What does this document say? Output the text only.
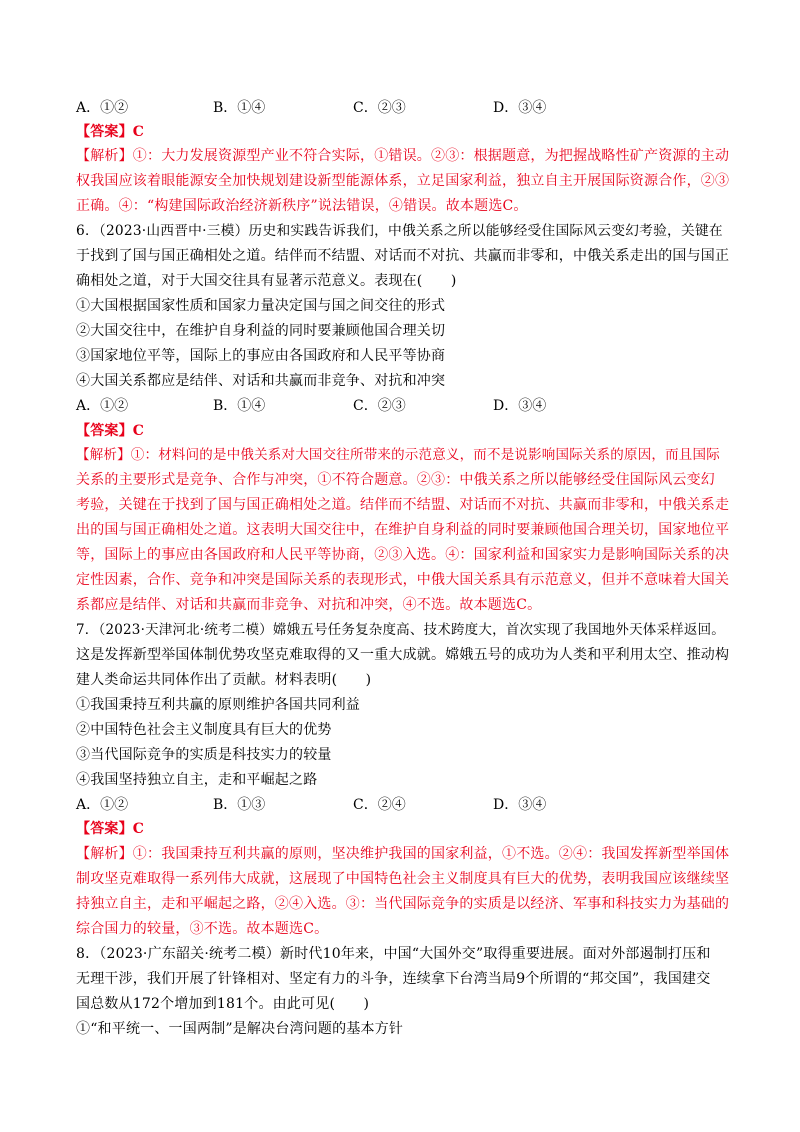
A．①②	B．①④	C．②③	D．③④
【答案】C
【解析】①：大力发展资源型产业不符合实际，①错误。②③：根据题意，为把握战略性矿产资源的主动
权我国应该着眼能源安全加快规划建设新型能源体系，立足国家利益，独立自主开展国际资源合作，②③
正确。④：“构建国际政治经济新秩序”说法错误，④错误。故本题选C。
6．（2023·山西晋中·三模）历史和实践告诉我们，中俄关系之所以能够经受住国际风云变幻考验，关键在
于找到了国与国正确相处之道。结伴而不结盟、对话而不对抗、共赢而非零和，中俄关系走出的国与国正
确相处之道，对于大国交往具有显著示范意义。表现在(　　)
①大国根据国家性质和国家力量决定国与国之间交往的形式
②大国交往中，在维护自身利益的同时要兼顾他国合理关切
③国家地位平等，国际上的事应由各国政府和人民平等协商
④大国关系都应是结伴、对话和共赢而非竞争、对抗和冲突
A．①②	B．①④	C．②③	D．③④
【答案】C
【解析】①：材料问的是中俄关系对大国交往所带来的示范意义，而不是说影响国际关系的原因，而且国际
关系的主要形式是竞争、合作与冲突，①不符合题意。②③：中俄关系之所以能够经受住国际风云变幻
考验，关键在于找到了国与国正确相处之道。结伴而不结盟、对话而不对抗、共赢而非零和，中俄关系走
出的国与国正确相处之道。这表明大国交往中，在维护自身利益的同时要兼顾他国合理关切，国家地位平
等，国际上的事应由各国政府和人民平等协商，②③入选。④：国家利益和国家实力是影响国际关系的决
定性因素，合作、竞争和冲突是国际关系的表现形式，中俄大国关系具有示范意义，但并不意味着大国关
系都应是结伴、对话和共赢而非竞争、对抗和冲突，④不选。故本题选C。
7．（2023·天津河北·统考二模）嫦娥五号任务复杂度高、技术跨度大，首次实现了我国地外天体采样返回。
这是发挥新型举国体制优势攻坚克难取得的又一重大成就。嫦娥五号的成功为人类和平利用太空、推动构
建人类命运共同体作出了贡献。材料表明(　　)
①我国秉持互利共赢的原则维护各国共同利益
②中国特色社会主义制度具有巨大的优势
③当代国际竞争的实质是科技实力的较量
④我国坚持独立自主，走和平崛起之路
A．①②	B．①③	C．②④	D．③④
【答案】C
【解析】①：我国秉持互利共赢的原则，坚决维护我国的国家利益，①不选。②④：我国发挥新型举国体
制攻坚克难取得一系列伟大成就，这展现了中国特色社会主义制度具有巨大的优势，表明我国应该继续坚
持独立自主，走和平崛起之路，②④入选。③：当代国际竞争的实质是以经济、军事和科技实力为基础的
综合国力的较量，③不选。故本题选C。
8．（2023·广东韶关·统考二模）新时代10年来，中国“大国外交”取得重要进展。面对外部遏制打压和
无理干涉，我们开展了针锋相对、坚定有力的斗争，连续拿下台湾当局9个所谓的“邦交国”，我国建交
国总数从172个增加到181个。由此可见(　　)
①“和平统一、一国两制”是解决台湾问题的基本方针
